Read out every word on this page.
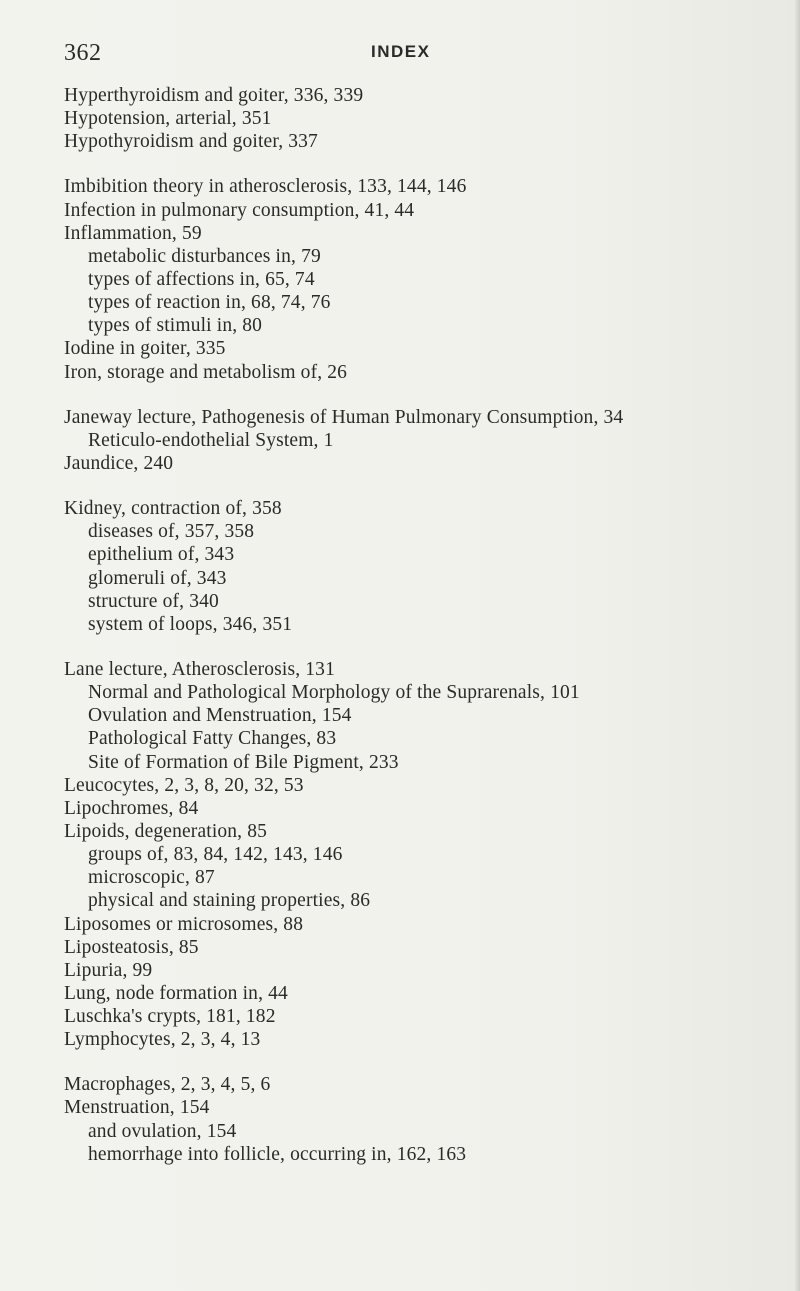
362	INDEX
Hyperthyroidism and goiter, 336, 339
Hypotension, arterial, 351
Hypothyroidism and goiter, 337
Imbibition theory in atherosclerosis, 133, 144, 146
Infection in pulmonary consumption, 41, 44
Inflammation, 59
metabolic disturbances in, 79
types of affections in, 65, 74
types of reaction in, 68, 74, 76
types of stimuli in, 80
Iodine in goiter, 335
Iron, storage and metabolism of, 26
Janeway lecture, Pathogenesis of Human Pulmonary Consumption, 34
Reticulo-endothelial System, 1
Jaundice, 240
Kidney, contraction of, 358
diseases of, 357, 358
epithelium of, 343
glomeruli of, 343
structure of, 340
system of loops, 346, 351
Lane lecture, Atherosclerosis, 131
Normal and Pathological Morphology of the Suprarenals, 101
Ovulation and Menstruation, 154
Pathological Fatty Changes, 83
Site of Formation of Bile Pigment, 233
Leucocytes, 2, 3, 8, 20, 32, 53
Lipochromes, 84
Lipoids, degeneration, 85
groups of, 83, 84, 142, 143, 146
microscopic, 87
physical and staining properties, 86
Liposomes or microsomes, 88
Liposteatosis, 85
Lipuria, 99
Lung, node formation in, 44
Luschka's crypts, 181, 182
Lymphocytes, 2, 3, 4, 13
Macrophages, 2, 3, 4, 5, 6
Menstruation, 154
and ovulation, 154
hemorrhage into follicle, occurring in, 162, 163
